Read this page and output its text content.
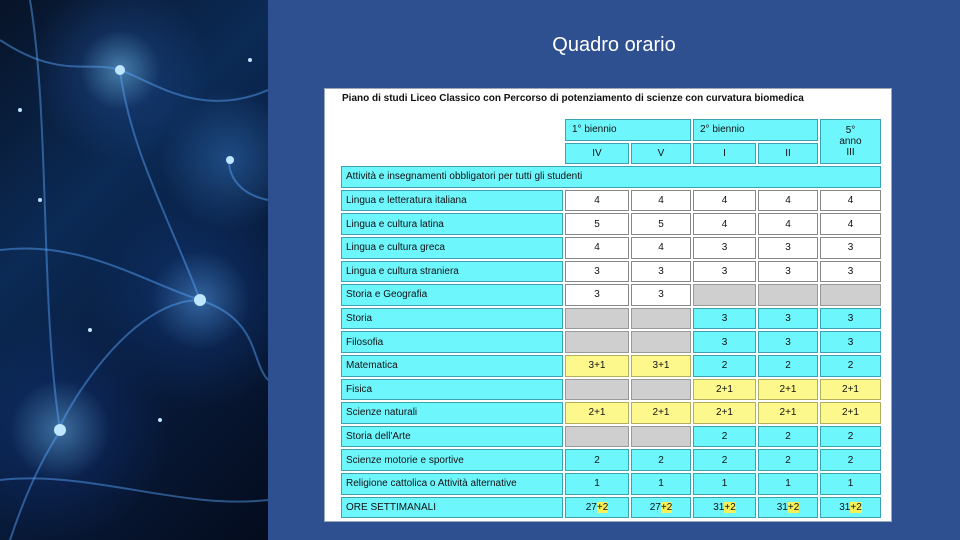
Quadro orario
Piano di studi Liceo Classico con Percorso di potenziamento di scienze con curvatura biomedica
	1° biennio		2° biennio		5°
anno
III

	IV	V	I	II	
Attività e insegnamenti obbligatori per tutti gli studenti					
Lingua e letteratura italiana	4	4	4	4	4
Lingua e cultura latina	5	5	4	4	4
Lingua e cultura greca	4	4	3	3	3
Lingua e cultura straniera	3	3	3	3	3
Storia e Geografia	3	3			
Storia			3	3	3
Filosofia			3	3	3
Matematica	3+1	3+1	2	2	2
Fisica			2+1	2+1	2+1
Scienze naturali	2+1	2+1	2+1	2+1	2+1
Storia dell'Arte			2	2	2
Scienze motorie e sportive	2	2	2	2	2
Religione cattolica o Attività alternative	1	1	1	1	1
ORE SETTIMANALI	27+2	27+2	31+2	31+2	31+2
